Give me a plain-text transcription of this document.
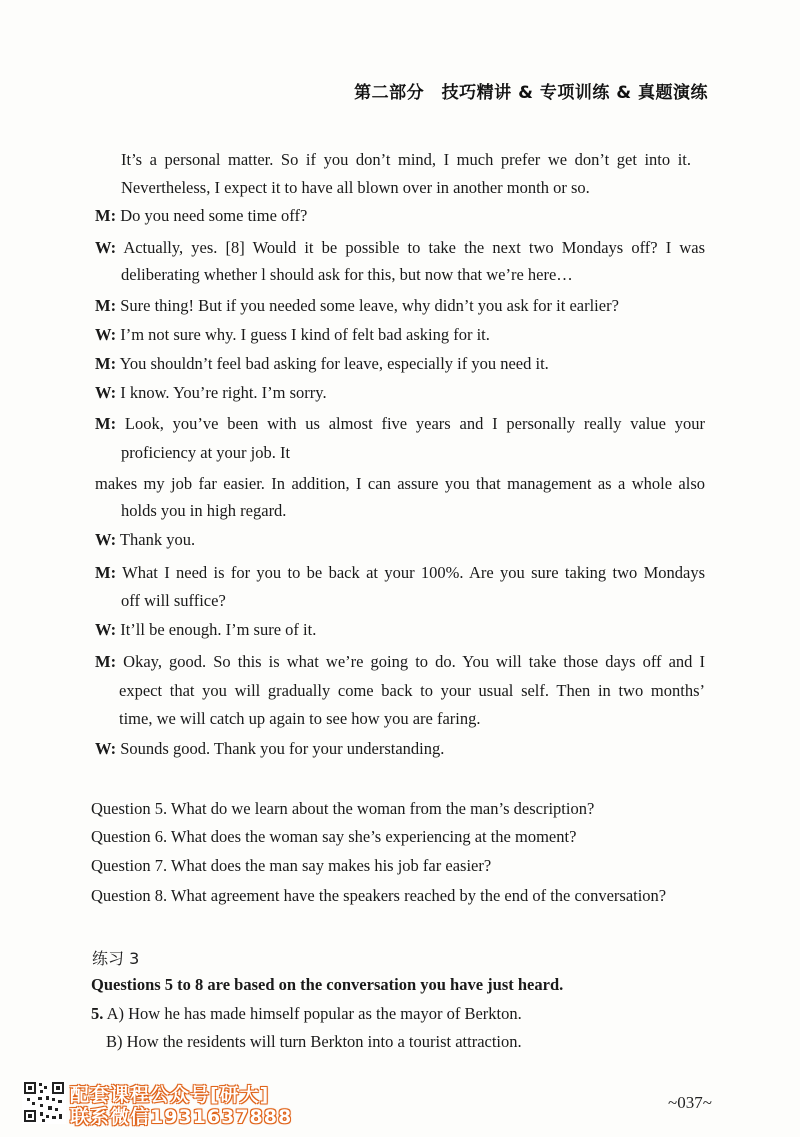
第二部分　技巧精讲 & 专项训练 & 真题演练
It’s a personal matter. So if you don’t mind, I much prefer we don’t get into it.
Nevertheless, I expect it to have all blown over in another month or so.
M: Do you need some time off?
W: Actually, yes. [8] Would it be possible to take the next two Mondays off? I was
deliberating whether l should ask for this, but now that we’re here…
M: Sure thing! But if you needed some leave, why didn’t you ask for it earlier?
W: I’m not sure why. I guess I kind of felt bad asking for it.
M: You shouldn’t feel bad asking for leave, especially if you need it.
W: I know. You’re right. I’m sorry.
M: Look, you’ve been with us almost five years and I personally really value your
proficiency at your job. It
makes my job far easier. In addition, I can assure you that management as a whole also
holds you in high regard.
W: Thank you.
M: What I need is for you to be back at your 100%. Are you sure taking two Mondays
off will suffice?
W: It’ll be enough. I’m sure of it.
M: Okay, good. So this is what we’re going to do. You will take those days off and I
expect that you will gradually come back to your usual self. Then in two months’
time, we will catch up again to see how you are faring.
W: Sounds good. Thank you for your understanding.
Question 5. What do we learn about the woman from the man’s description?
Question 6. What does the woman say she’s experiencing at the moment?
Question 7. What does the man say makes his job far easier?
Question 8. What agreement have the speakers reached by the end of the conversation?
练习 3
Questions 5 to 8 are based on the conversation you have just heard.
5. A) How he has made himself popular as the mayor of Berkton.
B) How the residents will turn Berkton into a tourist attraction.
配套课程公众号[研大]
联系微信1931637888
~037~
